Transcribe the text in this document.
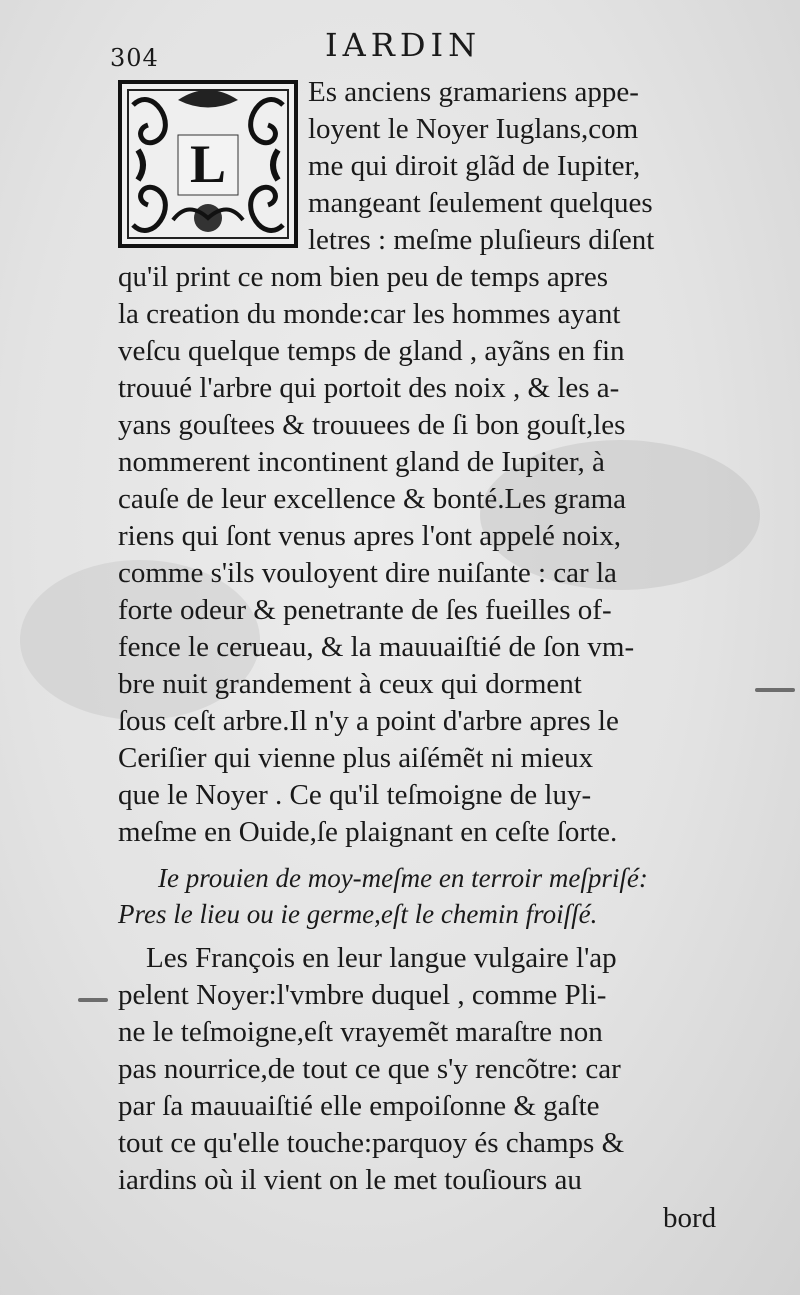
304	IARDIN
L
Es anciens gramariens appe-
loyent le Noyer Iuglans,com
me qui diroit glãd de Iupiter,
mangeant ſeulement quelques
letres : meſme pluſieurs diſent
qu'il print ce nom bien peu de temps apres
la creation du monde:car les hommes ayant
veſcu quelque temps de gland , ayãns en fin
trouué l'arbre qui portoit des noix , & les a-
yans gouſtees & trouuees de ſi bon gouſt,les
nommerent incontinent gland de Iupiter, à
cauſe de leur excellence & bonté.Les grama
riens qui ſont venus apres l'ont appelé noix,
comme s'ils vouloyent dire nuiſante : car la
forte odeur & penetrante de ſes fueilles of-
fence le cerueau, & la mauuaiſtié de ſon vm-
bre nuit grandement à ceux qui dorment
ſous ceſt arbre.Il n'y a point d'arbre apres le
Ceriſier qui vienne plus aiſémẽt ni mieux
que le Noyer . Ce qu'il teſmoigne de luy-
meſme en Ouide,ſe plaignant en ceſte ſorte.
Ie prouien de moy-meſme en terroir meſpriſé:
Pres le lieu ou ie germe,eſt le chemin froiſſé.
Les François en leur langue vulgaire l'ap
pelent Noyer:l'vmbre duquel , comme Pli-
ne le teſmoigne,eſt vrayemẽt maraſtre non
pas nourrice,de tout ce que s'y rencõtre: car
par ſa mauuaiſtié elle empoiſonne & gaſte
tout ce qu'elle touche:parquoy és champs &
iardins où il vient on le met touſiours au
bord
